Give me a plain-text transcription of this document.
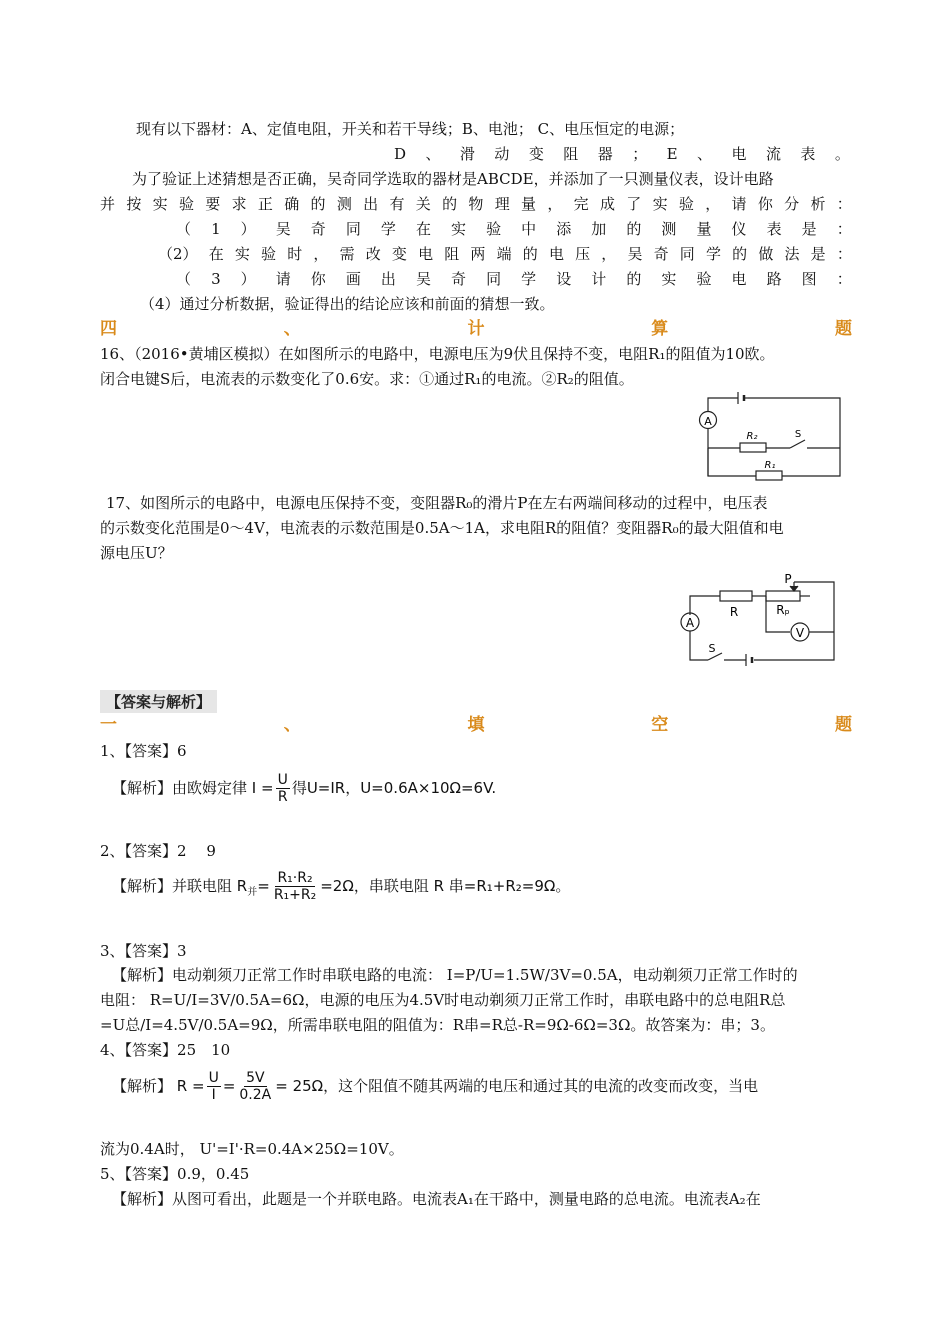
现有以下器材：A、定值电阻，开关和若干导线；B、电池； C、电压恒定的电源；
D 、 滑 动 变 阻 器 ； E 、 电 流 表 。
为了验证上述猜想是否正确，吴奇同学选取的器材是ABCDE，并添加了一只测量仪表，设计电路
并 按 实 验 要 求 正 确 的 测 出 有 关 的 物 理 量 ， 完 成 了 实 验 ， 请 你 分 析 ：
（ 1 ） 吴 奇 同 学 在 实 验 中 添 加 的 测 量 仪 表 是 ：
（2） 在 实 验 时 ， 需 改 变 电 阻 两 端 的 电 压 ， 吴 奇 同 学 的 做 法 是 ：
（ 3 ） 请 你 画 出 吴 奇 同 学 设 计 的 实 验 电 路 图 ：
（4）通过分析数据，验证得出的结论应该和前面的猜想一致。
四	、	计	算	题
16、（2016•黄埔区模拟）在如图所示的电路中，电源电压为9伏且保持不变，电阻R₁的阻值为10欧。
闭合电键S后，电流表的示数变化了0.6安。求：①通过R₁的电流。②R₂的阻值。
A
R₂	S
R₁
17、如图所示的电路中，电源电压保持不变，变阻器R₀的滑片P在左右两端间移动的过程中，电压表
的示数变化范围是0～4V，电流表的示数范围是0.5A～1A，求电阻R的阻值？变阻器R₀的最大阻值和电
源电压U？
P
R	Rₚ
V
A
S
【答案与解析】
一	、	填	空	题
1、【答案】6
【解析】由欧姆定律 $I = \frac{U}{R}$ 得U=IR，U=0.6A×10Ω=6V.
2、【答案】2　 9
【解析】并联电阻 $R_并= \frac{\text{R₁·R₂}}{\text{R₁+R₂}} =2\Omega$，串联电阻 R 串=R₁+R₂=9Ω。
3、【答案】3
【解析】电动剃须刀正常工作时串联电路的电流： I=P/U=1.5W/3V=0.5A，电动剃须刀正常工作时的
电阻： R=U/I=3V/0.5A=6Ω，电源的电压为4.5V时电动剃须刀正常工作时，串联电路中的总电阻R总
=U总/I=4.5V/0.5A=9Ω，所需串联电阻的阻值为：R串=R总-R=9Ω-6Ω=3Ω。故答案为：串；3。
4、【答案】25　10
【解析】 $R = \frac{U}{I} = \frac{5V}{0.2A} = 25\Omega$，这个阻值不随其两端的电压和通过其的电流的改变而改变，当电
流为0.4A时， U'=I'·R=0.4A×25Ω=10V。
5、【答案】0.9，0.45
【解析】从图可看出，此题是一个并联电路。电流表A₁在干路中，测量电路的总电流。电流表A₂在
